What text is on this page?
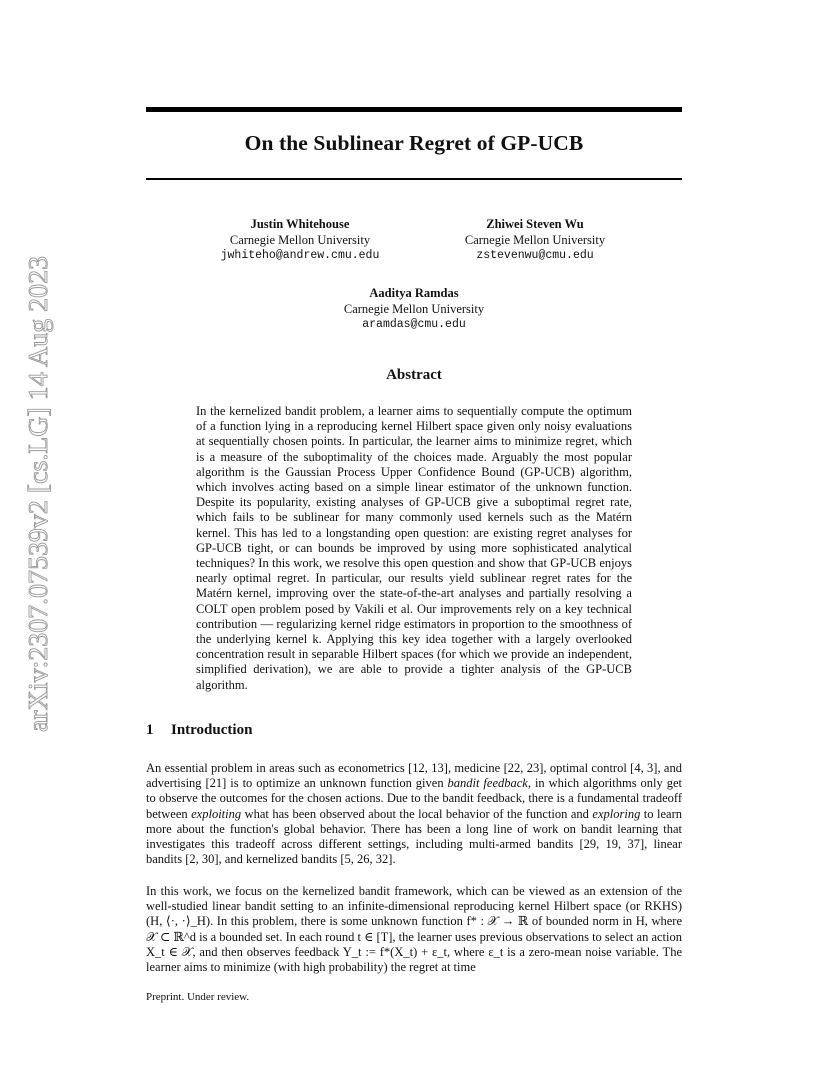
arXiv:2307.07539v2 [cs.LG] 14 Aug 2023
On the Sublinear Regret of GP-UCB
Justin Whitehouse
Carnegie Mellon University
jwhiteho@andrew.cmu.edu
Zhiwei Steven Wu
Carnegie Mellon University
zstevenwu@cmu.edu
Aaditya Ramdas
Carnegie Mellon University
aramdas@cmu.edu
Abstract
In the kernelized bandit problem, a learner aims to sequentially compute the optimum of a function lying in a reproducing kernel Hilbert space given only noisy evaluations at sequentially chosen points. In particular, the learner aims to minimize regret, which is a measure of the suboptimality of the choices made. Arguably the most popular algorithm is the Gaussian Process Upper Confidence Bound (GP-UCB) algorithm, which involves acting based on a simple linear estimator of the unknown function. Despite its popularity, existing analyses of GP-UCB give a suboptimal regret rate, which fails to be sublinear for many commonly used kernels such as the Matérn kernel. This has led to a longstanding open question: are existing regret analyses for GP-UCB tight, or can bounds be improved by using more sophisticated analytical techniques? In this work, we resolve this open question and show that GP-UCB enjoys nearly optimal regret. In particular, our results yield sublinear regret rates for the Matérn kernel, improving over the state-of-the-art analyses and partially resolving a COLT open problem posed by Vakili et al. Our improvements rely on a key technical contribution — regularizing kernel ridge estimators in proportion to the smoothness of the underlying kernel k. Applying this key idea together with a largely overlooked concentration result in separable Hilbert spaces (for which we provide an independent, simplified derivation), we are able to provide a tighter analysis of the GP-UCB algorithm.
1 Introduction
An essential problem in areas such as econometrics [12, 13], medicine [22, 23], optimal control [4, 3], and advertising [21] is to optimize an unknown function given bandit feedback, in which algorithms only get to observe the outcomes for the chosen actions. Due to the bandit feedback, there is a fundamental tradeoff between exploiting what has been observed about the local behavior of the function and exploring to learn more about the function's global behavior. There has been a long line of work on bandit learning that investigates this tradeoff across different settings, including multi-armed bandits [29, 19, 37], linear bandits [2, 30], and kernelized bandits [5, 26, 32].
In this work, we focus on the kernelized bandit framework, which can be viewed as an extension of the well-studied linear bandit setting to an infinite-dimensional reproducing kernel Hilbert space (or RKHS) (H, ⟨·, ·⟩_H). In this problem, there is some unknown function f* : 𝒳 → ℝ of bounded norm in H, where 𝒳 ⊂ ℝ^d is a bounded set. In each round t ∈ [T], the learner uses previous observations to select an action X_t ∈ 𝒳, and then observes feedback Y_t := f*(X_t) + ε_t, where ε_t is a zero-mean noise variable. The learner aims to minimize (with high probability) the regret at time
Preprint. Under review.
